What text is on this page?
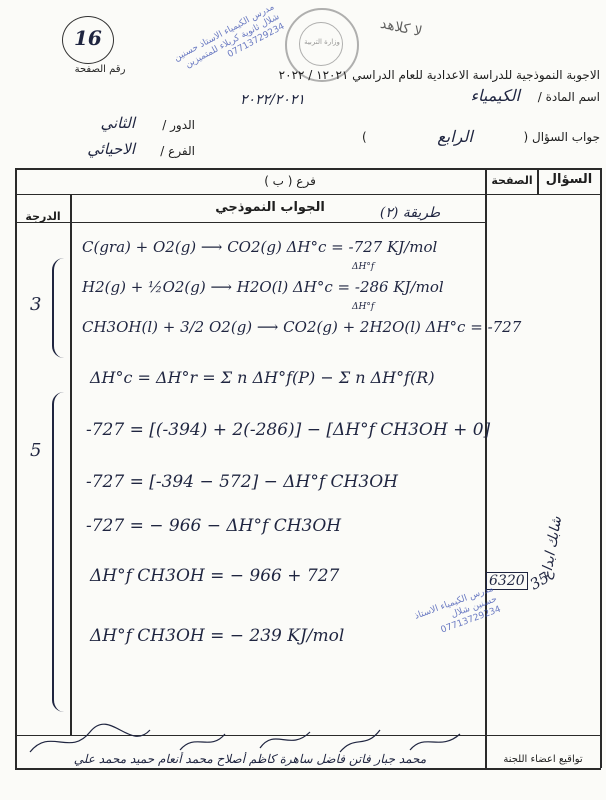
16
رقم الصفحة
وزارة التربية
لا كلاهد
مدرس الكيمياء الاستاذ حسنين شلال ثانوية كربلاء للمتميزين 07713729234
الاجوبة النموذجية للدراسة الاعدادية للعام الدراسي ١٢٠٢١ / ٢٠٢٢
اسم المادة /
الكيمياء
٢٠٢٢/٢٠٢١
الدور /
الثاني
الفرع /
الاحيائي
جواب السؤال (
الرابع
)
السؤال
الصفحة
فرع ( ب )
الجواب النموذجي
الدرجة	طريقة (٢)
C(gra) + O2(g) ⟶ CO2(g) ΔH°c = -727 KJ/mol
ΔH°f
H2(g) + ½O2(g) ⟶ H2O(l) ΔH°c = -286 KJ/mol
ΔH°f
CH3OH(l) + 3/2 O2(g) ⟶ CO2(g) + 2H2O(l) ΔH°c = -727
ΔH°c = ΔH°r = Σ n ΔH°f(P) − Σ n ΔH°f(R)
-727 = [(-394) + 2(-286)] − [ΔH°f CH3OH + 0]
-727 = [-394 − 572] − ΔH°f CH3OH
-727 = − 966 − ΔH°f CH3OH
ΔH°f CH3OH = − 966 + 727
ΔH°f CH3OH = − 239 KJ/mol
3
5
6320
شابك ابداع
35
مدرس الكيمياء الاستاذ حسنين شلال 07713729234
تواقيع اعضاء اللجنة
محمد جبار فاتن فاضل ساهرة كاظم أصلاح محمد أنعام حميد محمد علي
